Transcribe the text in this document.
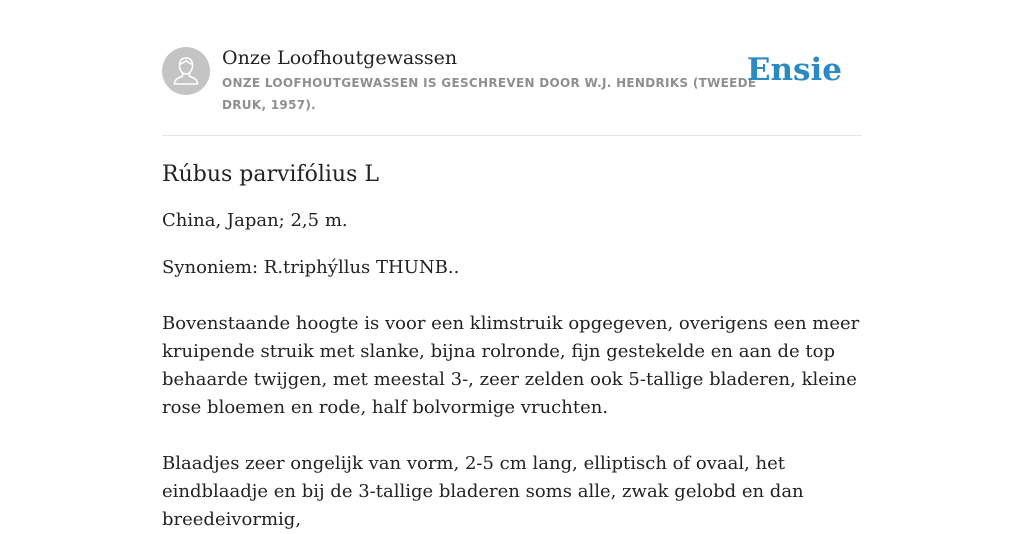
Onze Loofhoutgewassen
ONZE LOOFHOUTGEWASSEN IS GESCHREVEN DOOR W.J. HENDRIKS (TWEEDE DRUK, 1957).
Ensie
Rúbus parvifólius L

China, Japan; 2,5 m.

Synoniem: R.triphýllus THUNB..

Bovenstaande hoogte is voor een klimstruik opgegeven, overigens een meer kruipende struik met slanke, bijna rolronde, fijn gestekelde en aan de top behaarde twijgen, met meestal 3-, zeer zelden ook 5-tallige bladeren, kleine rose bloemen en rode, half bolvormige vruchten.

Blaadjes zeer ongelijk van vorm, 2-5 cm lang, elliptisch of ovaal, het eindblaadje en bij de 3-tallige bladeren soms alle, zwak gelobd en dan breedeivormig,
